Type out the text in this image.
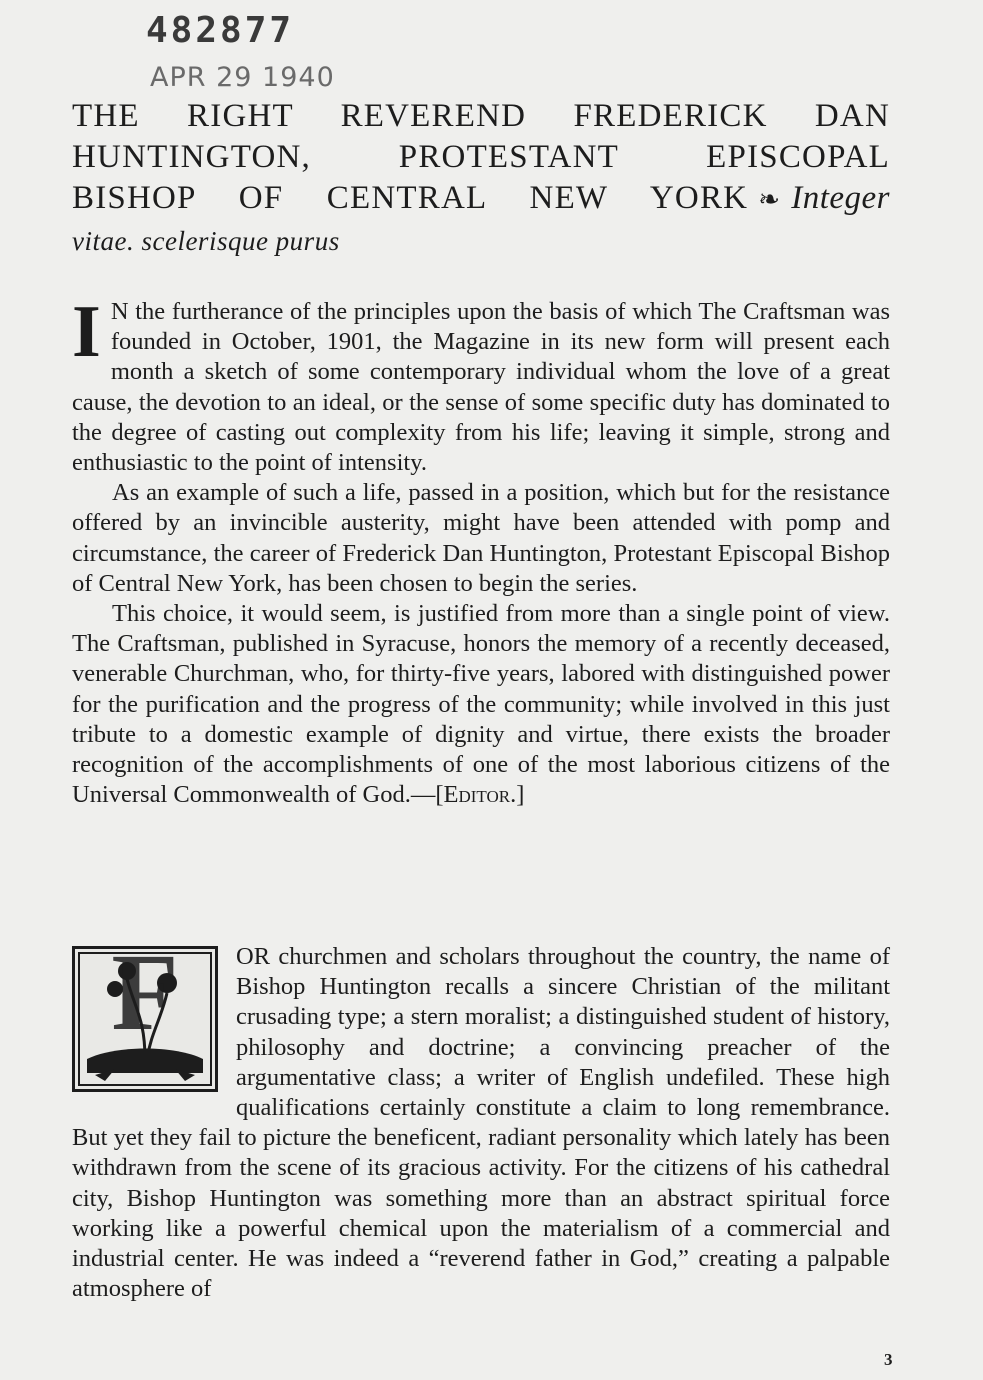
482877
APR 29 1940
THE RIGHT REVEREND FREDERICK DAN
HUNTINGTON, PROTESTANT EPISCOPAL
BISHOP OF CENTRAL NEW YORK ❧ Integer
vitae. scelerisque purus

I N the furtherance of the principles upon the basis of which The Craftsman was founded in October, 1901, the Magazine in its new form will present each month a sketch of some contemporary individual whom the love of a great cause, the devotion to an ideal, or the sense of some specific duty has dominated to the degree of casting out complexity from his life; leaving it simple, strong and enthusiastic to the point of intensity.

As an example of such a life, passed in a position, which but for the resistance offered by an invincible austerity, might have been attended with pomp and circumstance, the career of Frederick Dan Huntington, Protestant Episcopal Bishop of Central New York, has been chosen to begin the series.

This choice, it would seem, is justified from more than a single point of view. The Craftsman, published in Syracuse, honors the memory of a recently deceased, venerable Churchman, who, for thirty-five years, labored with distinguished power for the purification and the progress of the community; while involved in this just tribute to a domestic example of dignity and virtue, there exists the broader recognition of the accomplishments of one of the most laborious citizens of the Universal Commonwealth of God.—[Editor.]

F
FCO

OR churchmen and scholars throughout the country, the name of Bishop Huntington recalls a sincere Christian of the militant crusading type; a stern moralist; a distinguished student of history, philosophy and doctrine; a convincing preacher of the argumentative class; a writer of English undefiled. These high qualifications certainly constitute a claim to long remembrance. But yet they fail to picture the beneficent, radiant personality which lately has been withdrawn from the scene of its gracious activity. For the citizens of his cathedral city, Bishop Huntington was something more than an abstract spiritual force working like a powerful chemical upon the materialism of a commercial and industrial center. He was indeed a “reverend father in God,” creating a palpable atmosphere of

3
